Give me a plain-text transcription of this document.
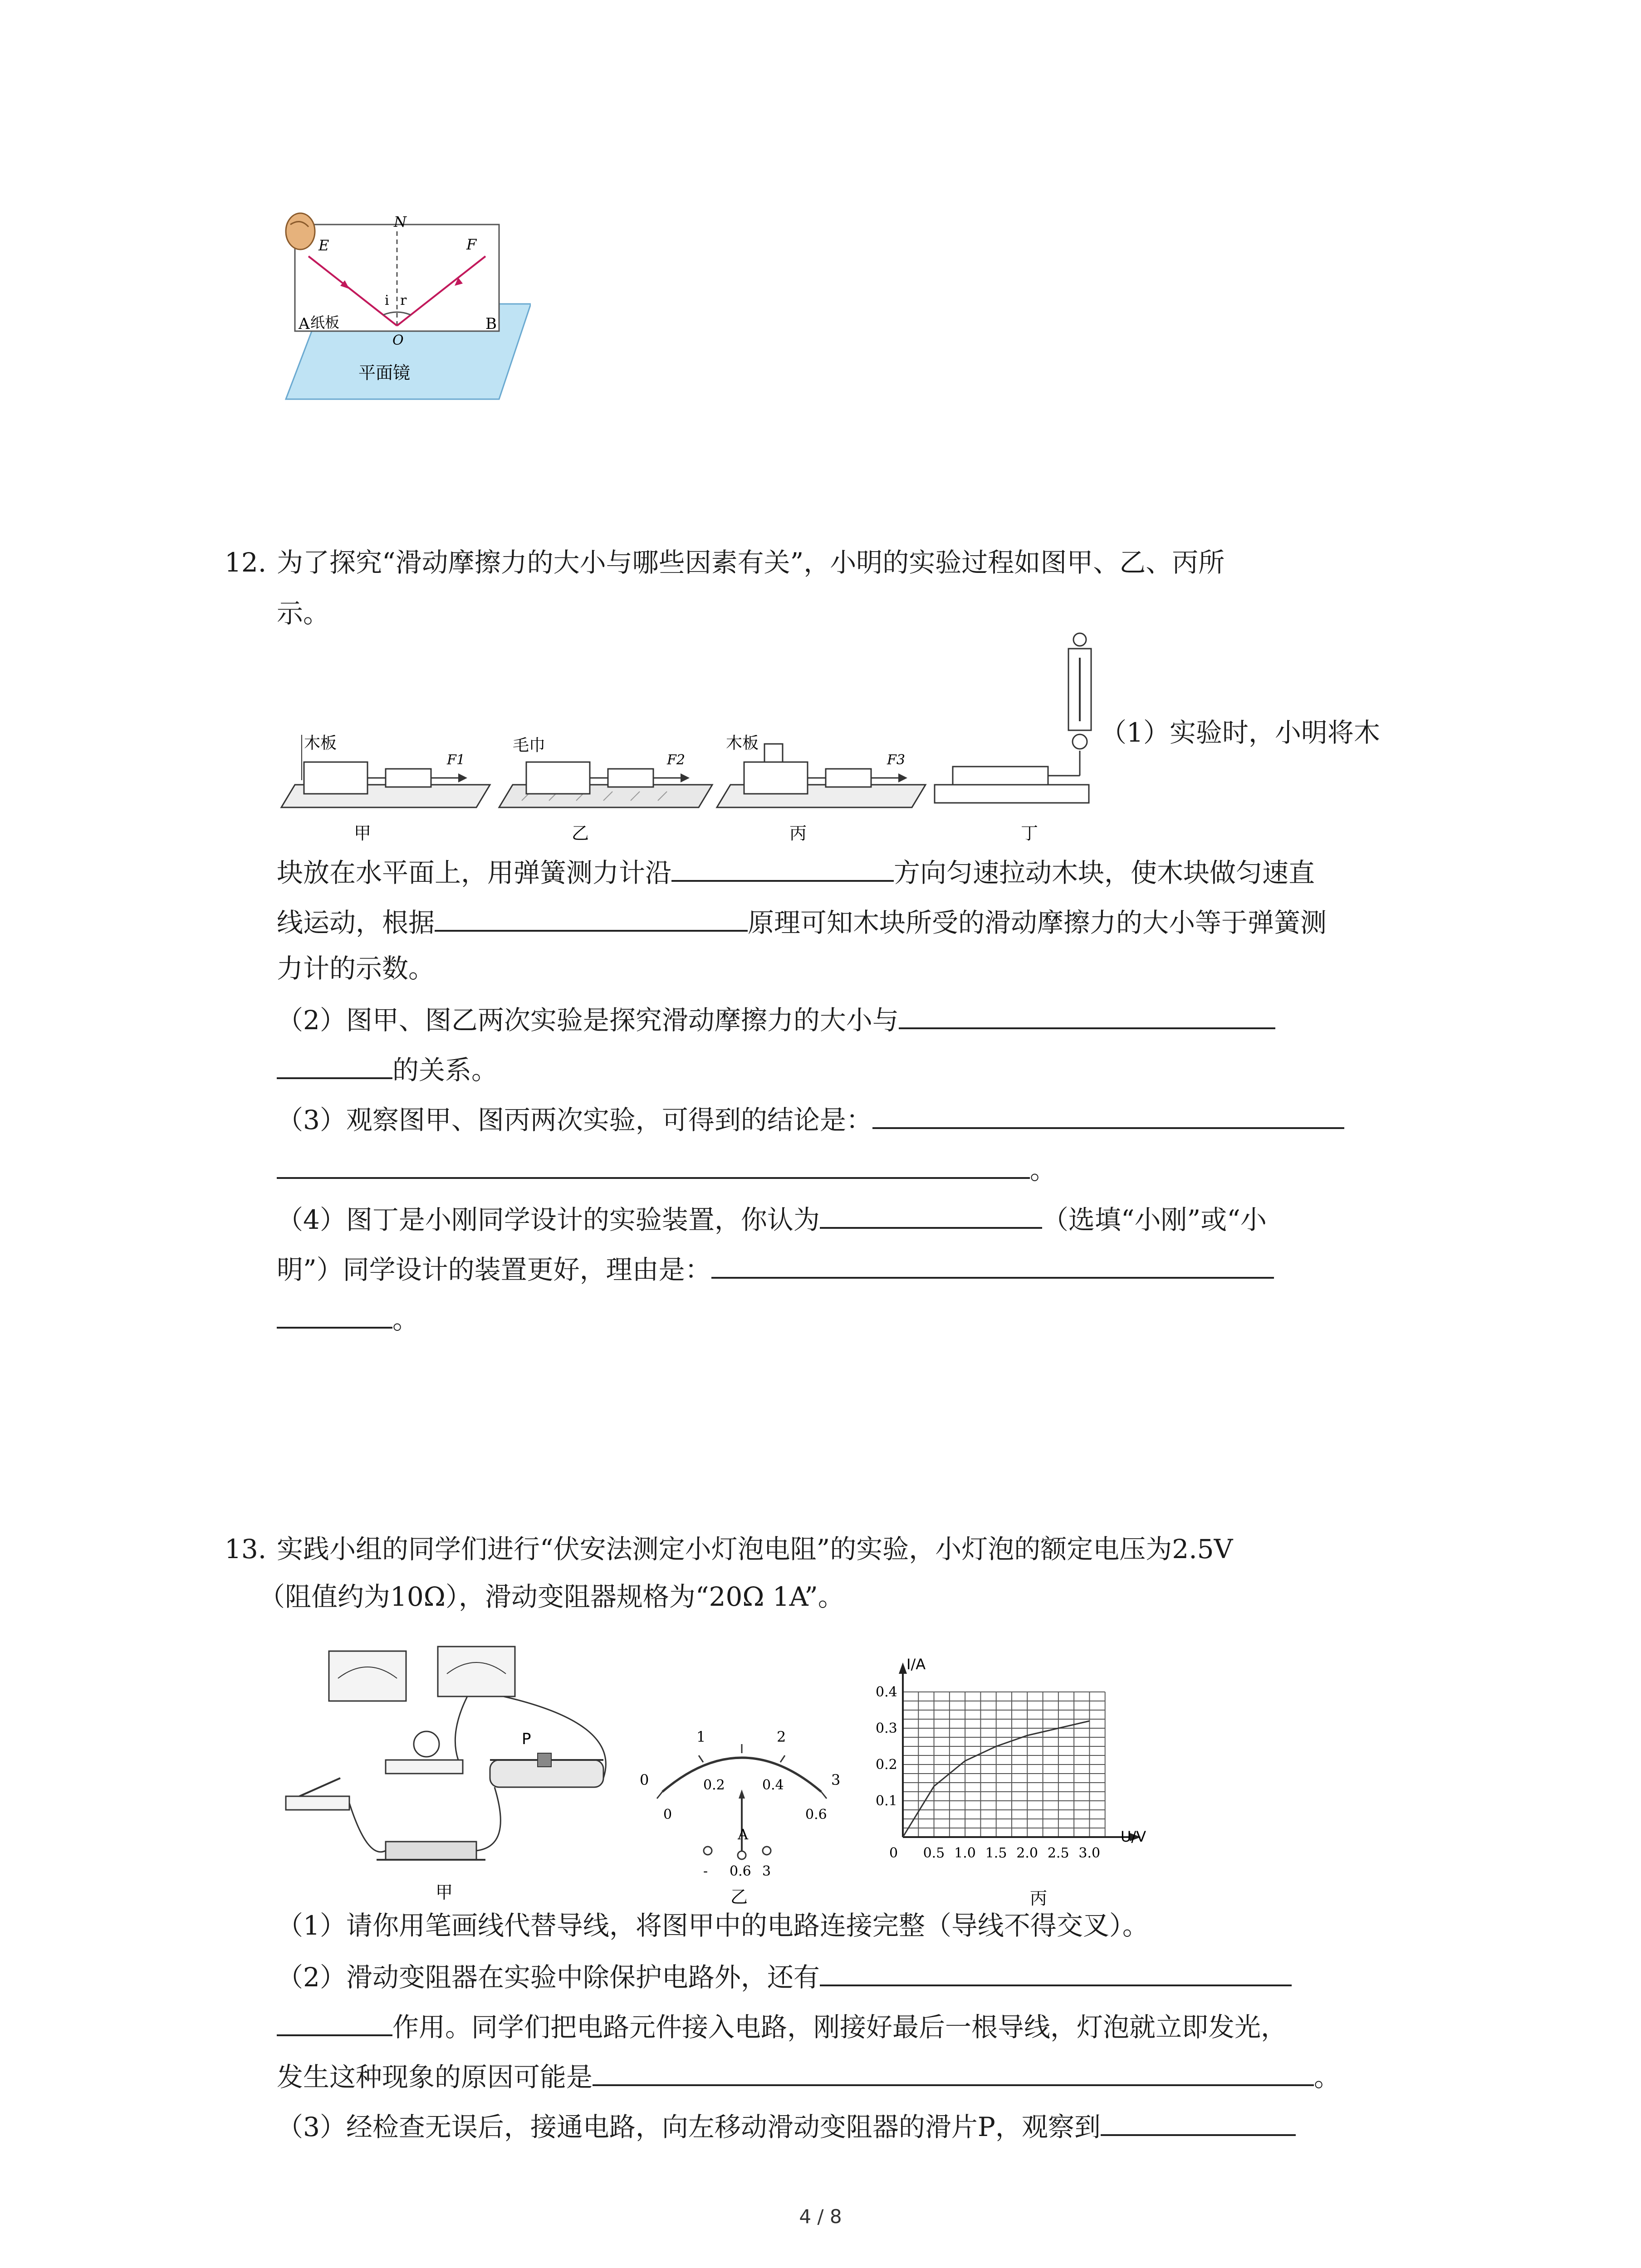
N
E	F
i r
O
A 纸板	B
平面镜
12. 为了探究“滑动摩擦力的大小与哪些因素有关”，小明的实验过程如图甲、乙、丙所
示。
木板
F1
甲
毛巾
F2
乙
木板
F3
丙	丁
（1）实验时，小明将木
块放在水平面上，用弹簧测力计沿	方向匀速拉动木块，使木块做匀速直
线运动，根据	原理可知木块所受的滑动摩擦力的大小等于弹簧测
力计的示数。
（2）图甲、图乙两次实验是探究滑动摩擦力的大小与
的关系。
（3）观察图甲、图丙两次实验，可得到的结论是：
。
（4）图丁是小刚同学设计的实验装置，你认为	（选填“小刚”或“小
明”）同学设计的装置更好，理由是：
。
13. 实践小组的同学们进行“伏安法测定小灯泡电阻”的实验，小灯泡的额定电压为2.5V
（阻值约为10Ω），滑动变阻器规格为“20Ω 1A”。
P
甲
0
1	2
3
0
0.2	0.4
0.6
A
- 0.6 3
乙
0 0.5 1.0 1.5 2.0 2.5 3.0
0.1
0.2
0.3
0.4
I/A
U/V
丙
（1）请你用笔画线代替导线，将图甲中的电路连接完整（导线不得交叉）。
（2）滑动变阻器在实验中除保护电路外，还有
作用。同学们把电路元件接入电路，刚接好最后一根导线，灯泡就立即发光，
发生这种现象的原因可能是	。
（3）经检查无误后，接通电路，向左移动滑动变阻器的滑片P，观察到
4 / 8
